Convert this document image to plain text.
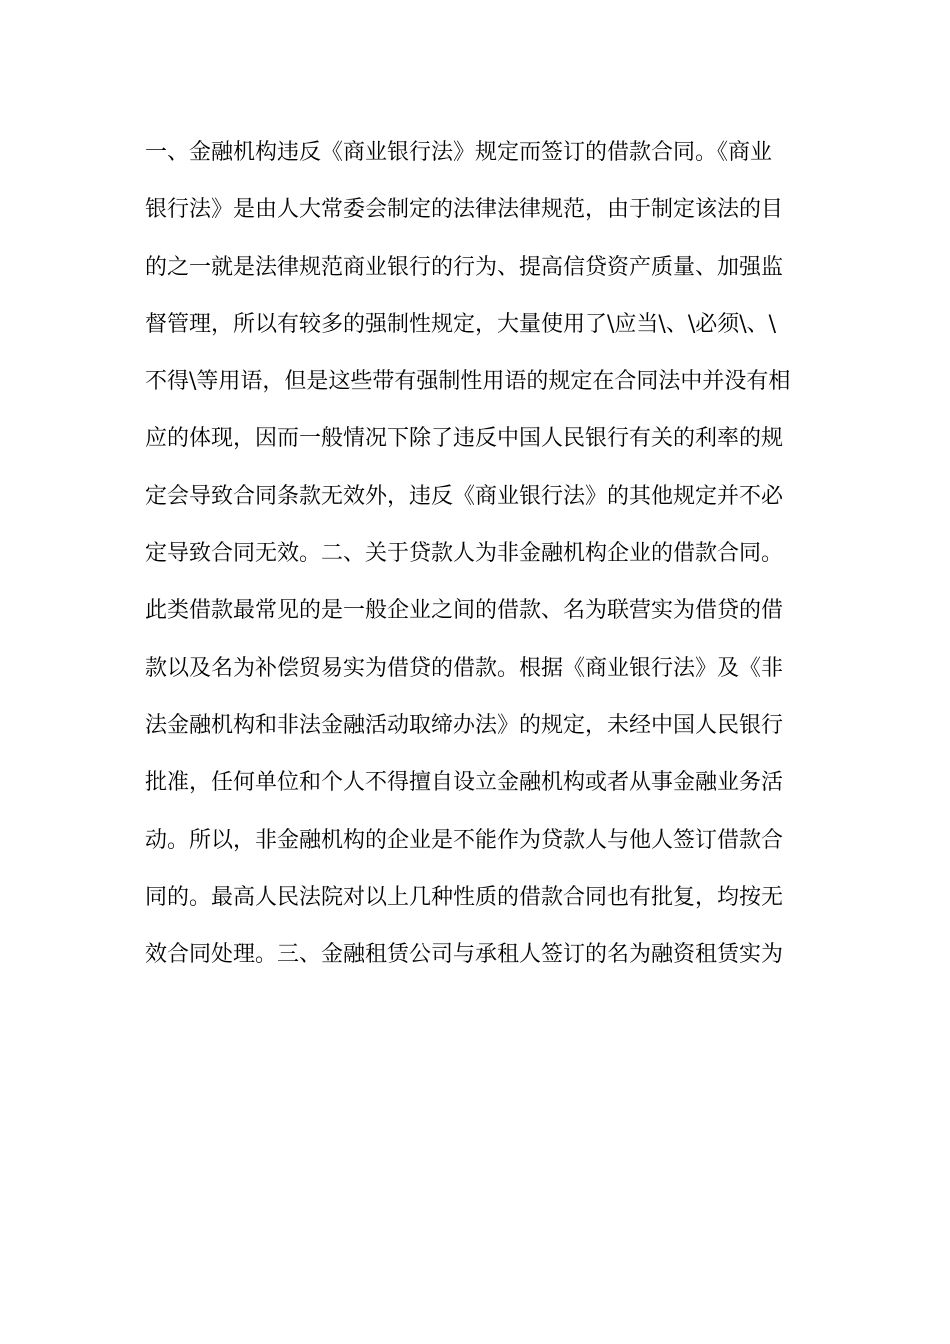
一、金融机构违反《商业银行法》规定而签订的借款合同。《商业
银行法》是由人大常委会制定的法律法律规范，由于制定该法的目
的之一就是法律规范商业银行的行为、提高信贷资产质量、加强监
督管理，所以有较多的强制性规定，大量使用了\应当\、\必须\、\
不得\等用语，但是这些带有强制性用语的规定在合同法中并没有相
应的体现，因而一般情况下除了违反中国人民银行有关的利率的规
定会导致合同条款无效外，违反《商业银行法》的其他规定并不必
定导致合同无效。二、关于贷款人为非金融机构企业的借款合同。
此类借款最常见的是一般企业之间的借款、名为联营实为借贷的借
款以及名为补偿贸易实为借贷的借款。根据《商业银行法》及《非
法金融机构和非法金融活动取缔办法》的规定，未经中国人民银行
批准，任何单位和个人不得擅自设立金融机构或者从事金融业务活
动。所以，非金融机构的企业是不能作为贷款人与他人签订借款合
同的。最高人民法院对以上几种性质的借款合同也有批复，均按无
效合同处理。三、金融租赁公司与承租人签订的名为融资租赁实为
